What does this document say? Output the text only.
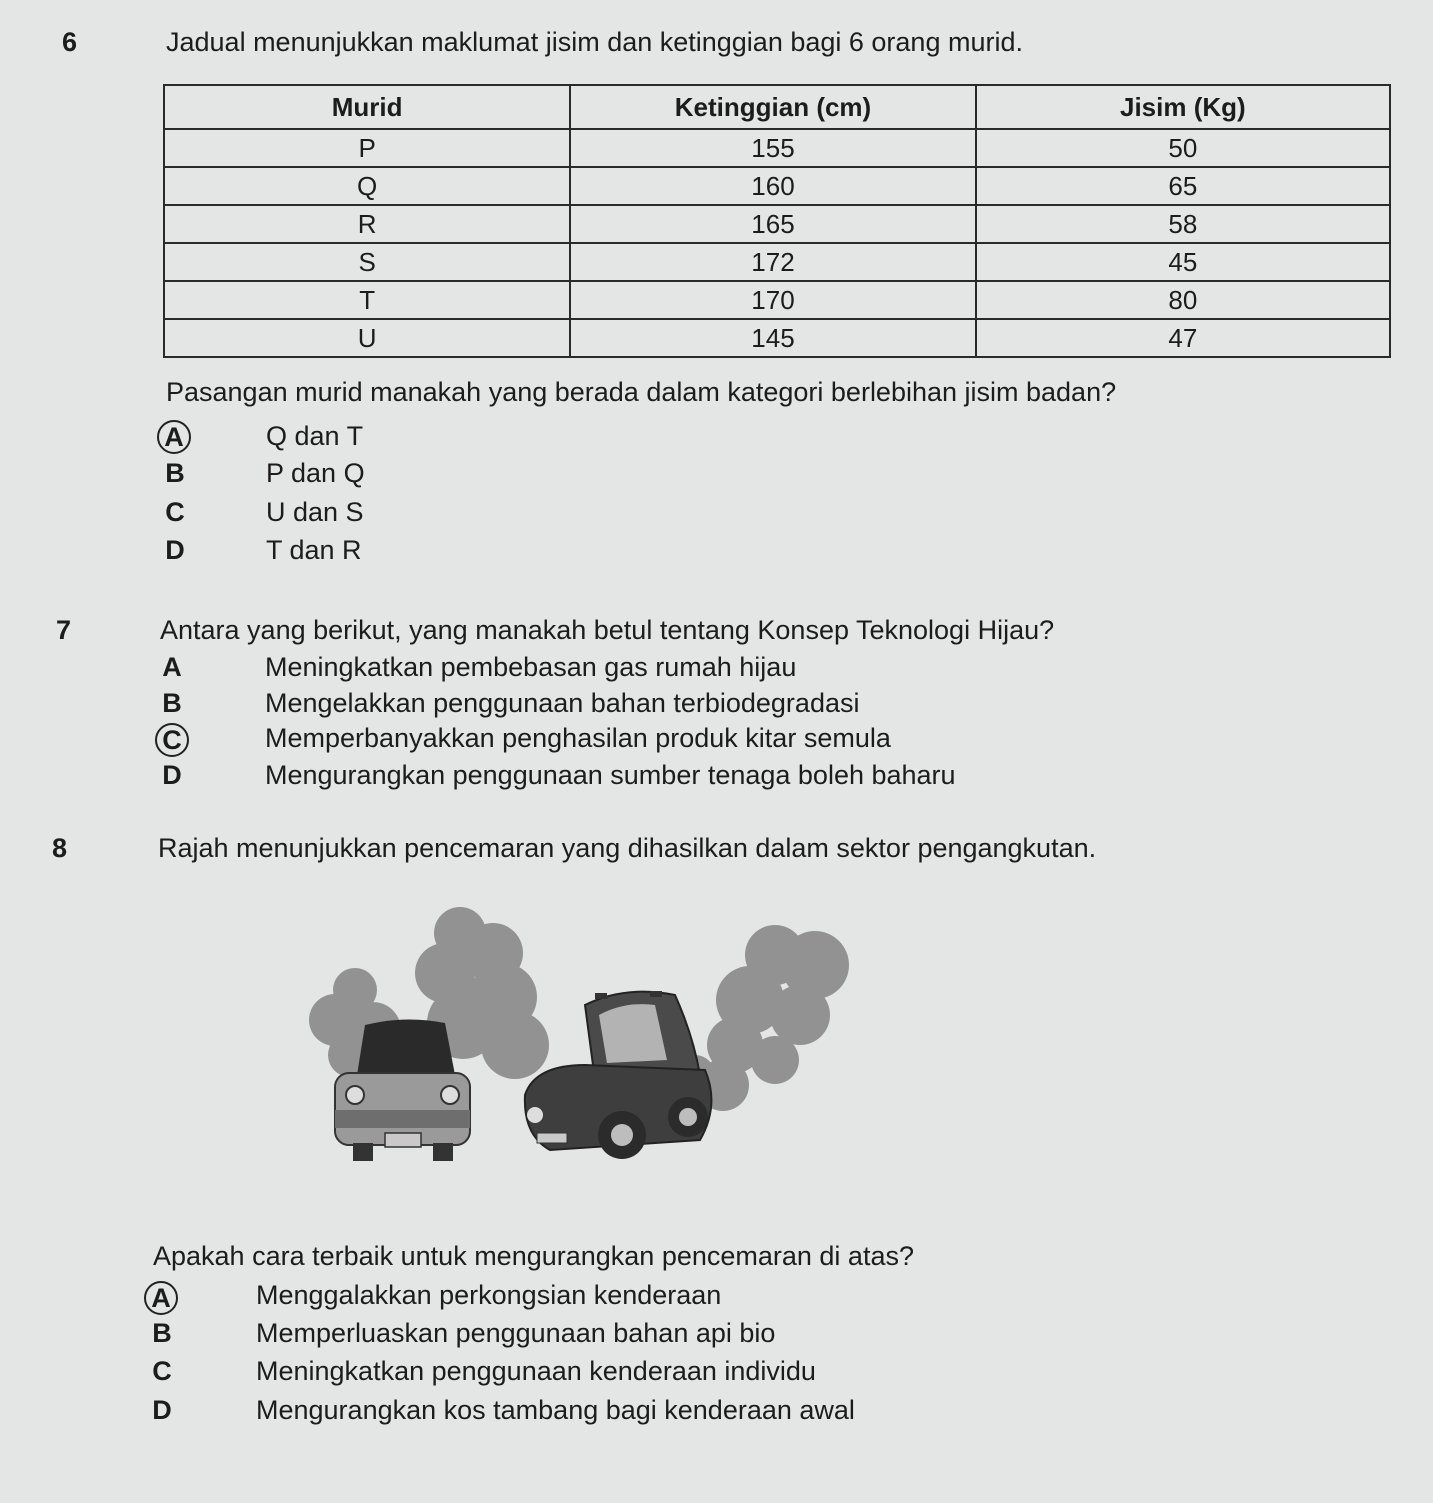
6	Jadual menunjukkan maklumat jisim dan ketinggian bagi 6 orang murid.
Murid	Ketinggian (cm)	Jisim (Kg)
P	155	50
Q	160	65
R	165	58
S	172	45
T	170	80
U	145	47
Pasangan murid manakah yang berada dalam kategori berlebihan jisim badan?
A	Q dan T
B	P dan Q
C	U dan S
D	T dan R
7	Antara yang berikut, yang manakah betul tentang Konsep Teknologi Hijau?
A	Meningkatkan pembebasan gas rumah hijau
B	Mengelakkan penggunaan bahan terbiodegradasi
C	Memperbanyakkan penghasilan produk kitar semula
D	Mengurangkan penggunaan sumber tenaga boleh baharu
8	Rajah menunjukkan pencemaran yang dihasilkan dalam sektor pengangkutan.
Apakah cara terbaik untuk mengurangkan pencemaran di atas?
A	Menggalakkan perkongsian kenderaan
B	Memperluaskan penggunaan bahan api bio
C	Meningkatkan penggunaan kenderaan individu
D	Mengurangkan kos tambang bagi kenderaan awal
